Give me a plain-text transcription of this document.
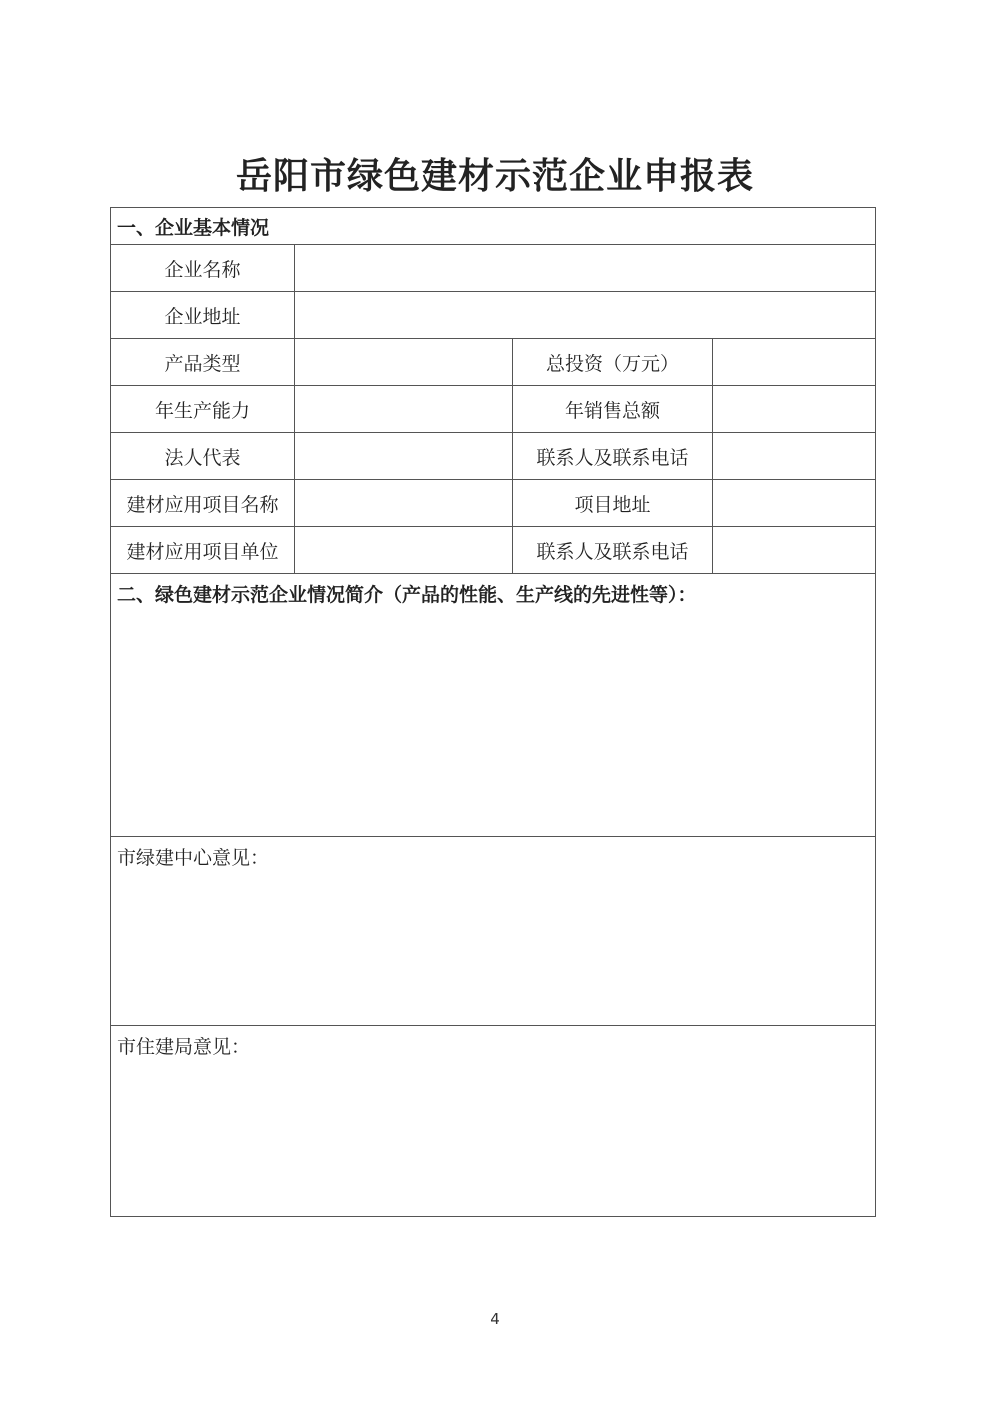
岳阳市绿色建材示范企业申报表
一、企业基本情况			
企业名称			
企业地址			
产品类型		总投资（万元）	
年生产能力		年销售总额	
法人代表		联系人及联系电话	
建材应用项目名称		项目地址	
建材应用项目单位		联系人及联系电话	

二、绿色建材示范企业情况简介（产品的性能、生产线的先进性等）：			

市绿建中心意见：			

市住建局意见：			
4
